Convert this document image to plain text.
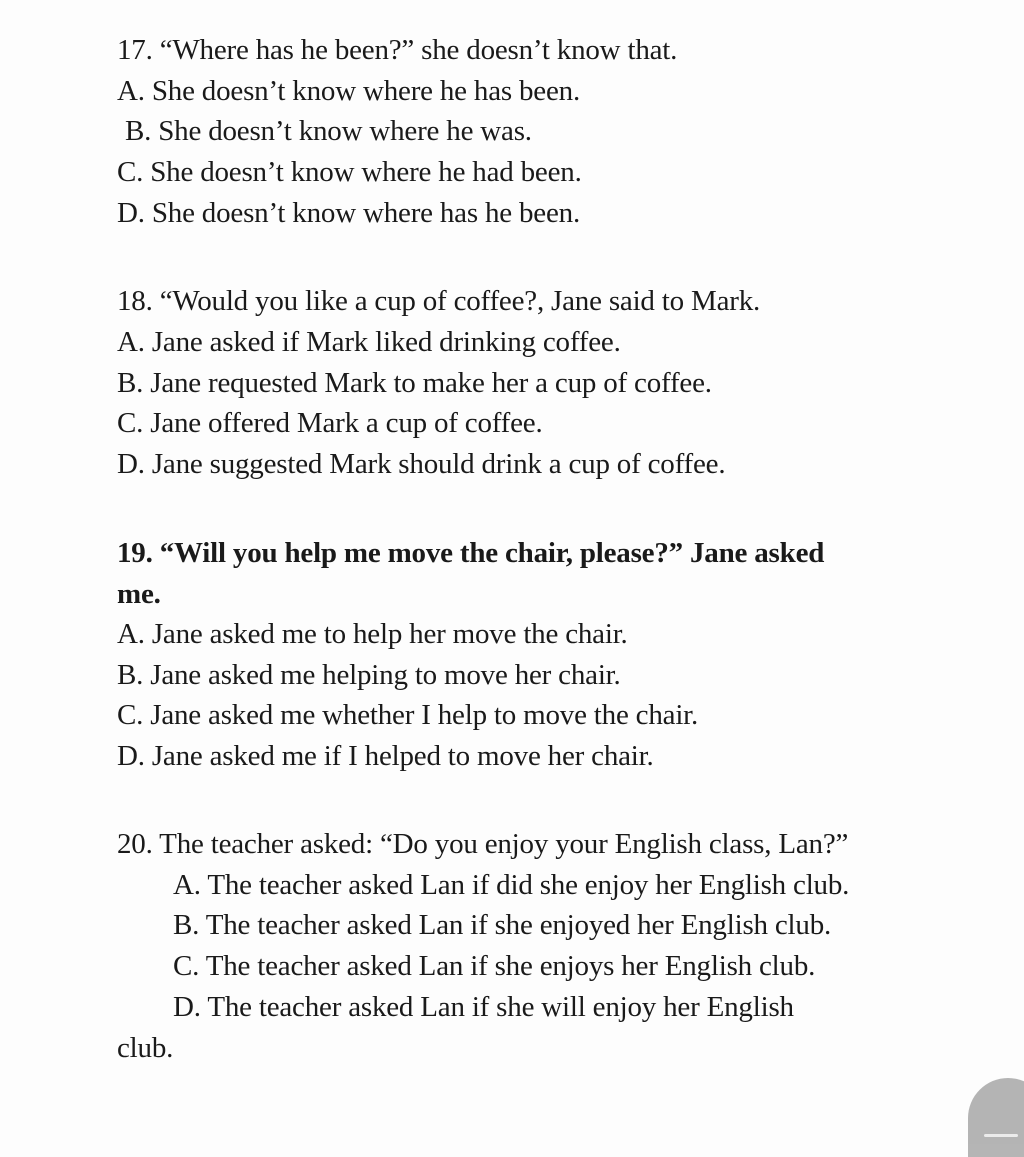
17. “Where has he been?” she doesn’t know that.
A. She doesn’t know where he has been.
B. She doesn’t know where he was.
C. She doesn’t know where he had been.
D. She doesn’t know where has he been.
18. “Would you like a cup of coffee?, Jane said to Mark.
A. Jane asked if Mark liked drinking coffee.
B. Jane requested Mark to make her a cup of coffee.
C. Jane offered Mark a cup of coffee.
D. Jane suggested Mark should drink a cup of coffee.
19. “Will you help me move the chair, please?” Jane asked
me.
A. Jane asked me to help her move the chair.
B. Jane asked me helping to move her chair.
C. Jane asked me whether I help to move the chair.
D. Jane asked me if I helped to move her chair.
20. The teacher asked: “Do you enjoy your English class, Lan?”
A. The teacher asked Lan if did she enjoy her English club.
B. The teacher asked Lan if she enjoyed her English club.
C. The teacher asked Lan if she enjoys her English club.
D. The teacher asked Lan if she will enjoy her English
club.
